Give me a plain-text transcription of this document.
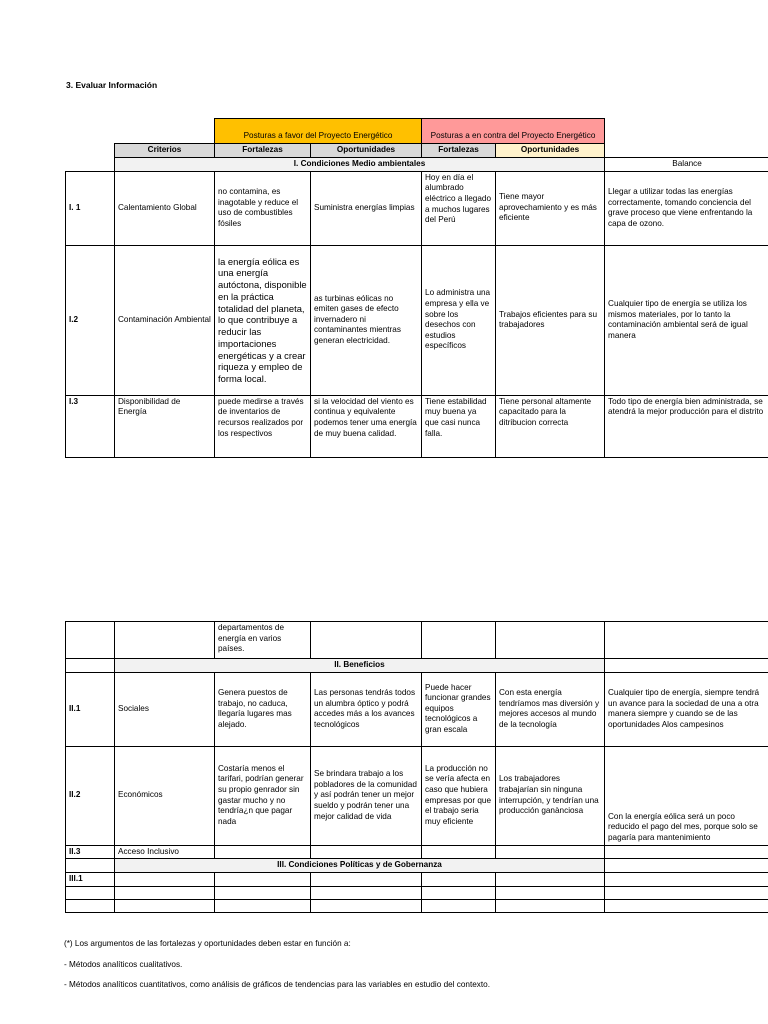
3. Evaluar Información
		Posturas a favor del Proyecto Energético		Posturas a en contra del Proyecto Energético		
	Criterios	Fortalezas	Oportunidades	Fortalezas	Oportunidades	
	I. Condiciones Medio ambientales					Balance
I. 1	Calentamiento Global	no contamina, es inagotable y reduce el uso de combustibles fósiles	Suministra energías limpias	Hoy en día el alumbrado eléctrico a llegado a muchos lugares del Perú	Tiene mayor aprovechamiento y es más eficiente	Llegar a utilizar todas las energías correctamente, tomando conciencia del grave proceso que viene enfrentando la capa de ozono.
I.2	Contaminación Ambiental	la energía eólica es una energía autóctona, disponible en la práctica totalidad del planeta, lo que contribuye a reducir las importaciones energéticas y a crear riqueza y empleo de forma local.	as turbinas eólicas no emiten gases de efecto invernadero ni contaminantes mientras generan electricidad.	Lo administra una empresa y ella ve sobre los desechos con estudios específicos	Trabajos eficientes para su trabajadores	Cualquier tipo de energía se utiliza los mismos materiales, por lo tanto la contaminación ambiental será de igual manera
I.3	Disponibilidad de Energía	puede medirse a través de inventarios de recursos realizados por los respectivos	si la velocidad del viento es continua y equivalente podemos tener uma energía de muy buena calidad.	Tiene estabilidad muy buena ya que casi nunca falla.	Tiene personal altamente capacitado para la ditribucion correcta	Todo tipo de energía bien administrada, se atendrá la mejor producción para el distrito
		departamentos de energía en varios países.				
	II. Beneficios					
II.1	Sociales	Genera puestos de trabajo, no caduca, llegaría lugares mas alejado.	Las personas tendrás todos un alumbra óptico y podrá accedes más a los avances tecnológicos	Puede hacer funcionar grandes equipos tecnológicos a gran escala	Con esta energía tendríamos mas diversión y mejores accesos al mundo de la tecnología	Cualquier tipo de energía, siempre tendrá un avance para la sociedad de una a otra manera siempre y cuando se de las oportunidades Alos campesinos
II.2	Económicos	Costaría menos el tarifari, podrían generar su propio genrador sin gastar mucho y no tendría¿n que pagar nada	Se brindara trabajo a los pobladores de la comunidad y así podrán tener un mejor sueldo y podrán tener una mejor calidad de vida	La producción no se vería afecta en caso que hubiera empresas por que el trabajo seria muy eficiente	Los trabajadores trabajarían sin ninguna interrupción, y tendrían una producción ganànciosa	Con la energía eólica será un poco reducido el pago del mes, porque solo se pagaría para mantenimiento
II.3	Acceso Inclusivo					
	III. Condiciones Políticas y de Gobernanza					
III.1						

(*) Los argumentos de las fortalezas y oportunidades deben estar en función a:
- Métodos analíticos cualitativos.
- Métodos analíticos cuantitativos, como análisis de gráficos de tendencias para las variables en estudio del contexto.
